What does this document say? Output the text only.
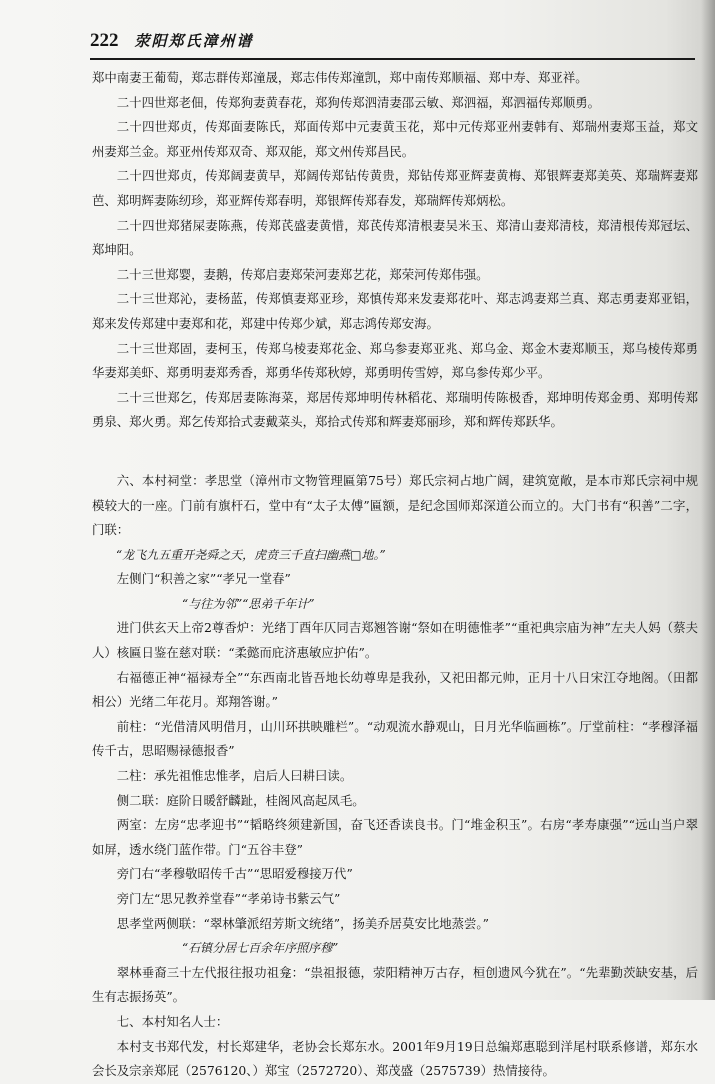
222 荥阳郑氏漳州谱

郑中南妻王葡萄，郑志群传郑潼晟，郑志伟传郑潼凯，郑中南传郑顺福、郑中寿、郑亚祥。

二十四世郑老佃，传郑狗妻黄春花，郑狗传郑泗清妻邵云敏、郑泗福，郑泗福传郑顺勇。

二十四世郑贞，传郑面妻陈氏，郑面传郑中元妻黄玉花，郑中元传郑亚州妻韩有、郑瑞州妻郑玉益，郑文州妻郑兰金。郑亚州传郑双奇、郑双能，郑文州传郑昌民。

二十四世郑贞，传郑阔妻黄早，郑阔传郑钻传黄贵，郑钻传郑亚辉妻黄梅、郑银辉妻郑美英、郑瑞辉妻郑芭、郑明辉妻陈纫珍，郑亚辉传郑春明，郑银辉传郑春发，郑瑞辉传郑炳松。

二十四世郑猪屎妻陈燕，传郑芪盛妻黄惜，郑芪传郑清根妻吴米玉、郑清山妻郑清枝，郑清根传郑冠坛、郑坤阳。

二十三世郑婴，妻鹅，传郑启妻郑荣河妻郑艺花，郑荣河传郑伟强。

二十三世郑沁，妻杨蓝，传郑慎妻郑亚珍，郑慎传郑来发妻郑花叶、郑志鸿妻郑兰真、郑志勇妻郑亚铝，郑来发传郑建中妻郑和花，郑建中传郑少斌，郑志鸿传郑安海。

二十三世郑固，妻柯玉，传郑乌棱妻郑花金、郑乌参妻郑亚兆、郑乌金、郑金木妻郑顺玉，郑乌棱传郑勇华妻郑美虾、郑勇明妻郑秀香，郑勇华传郑秋婷，郑勇明传雪婷，郑乌参传郑少平。

二十三世郑乞，传郑居妻陈海菜，郑居传郑坤明传林稻花、郑瑞明传陈极香，郑坤明传郑金勇、郑明传郑勇泉、郑火勇。郑乞传郑拾式妻戴菜头，郑拾式传郑和辉妻郑丽珍，郑和辉传郑跃华。

六、本村祠堂：孝思堂（漳州市文物管理匾第75号）郑氏宗祠占地广阔，建筑宽敞，是本市郑氏宗祠中规模较大的一座。门前有旗杆石，堂中有“太子太傅”匾额，是纪念国师郑深道公而立的。大门书有“积善”二字，门联：

“龙飞九五重开尧舜之天，虎贲三千直扫幽燕□地。”

左侧门“积善之家”“孝兄一堂春”

“与往为邻”“思弟千年计”

进门供玄天上帝2尊香炉：光绪丁酉年仄同吉郑翘答谢“祭如在明德惟孝”“重祀典宗庙为神”左夫人妈（蔡夫人）核匾日鉴在慈对联：“柔懿而庇济惠敏应护佑”。

右福德正神“福禄寿全”“东西南北皆吾地长幼尊卑是我孙，又祀田都元帅，正月十八日宋江夺地阁。（田都相公）光绪二年花月。郑翔答谢。”

前柱：“光借清风明借月，山川环拱映雕栏”。“动观流水静观山，日月光华临画栋”。厅堂前柱：“孝穆泽福传千古，思昭赐禄德报香”

二柱：承先祖惟忠惟孝，启后人曰耕曰读。

侧二联：庭阶日暖舒麟趾，桂阁风高起凤毛。

两室：左房“忠孝迎书”“韬略终须建新国，奋飞还香读良书。门“堆金积玉”。右房“孝寿康强”“远山当户翠如屏，透水绕门蓝作带。门“五谷丰登”

旁门右“孝穆敬昭传千古”“思昭爱穆接万代”

旁门左“思兄教养堂春”“孝弟诗书紫云气”

思孝堂两侧联：“翠林肇派绍芳斯文统绪”，扬美乔居莫安比地蒸尝。”

“石镇分居七百余年序照序穆”

翠林垂裔三十左代报往报功祖龛：“祟祖报德，荥阳精神万古存，桓创遗风今犹在”。“先辈勤茨缺安基，后生有志振扬英”。

七、本村知名人士：

本村支书郑代发，村长郑建华，老协会长郑东水。2001年9月19日总编郑惠聪到洋尾村联系修谱，郑东水会长及宗亲郑屁（2576120、）郑宝（2572720）、郑茂盛（2575739）热情接待。
